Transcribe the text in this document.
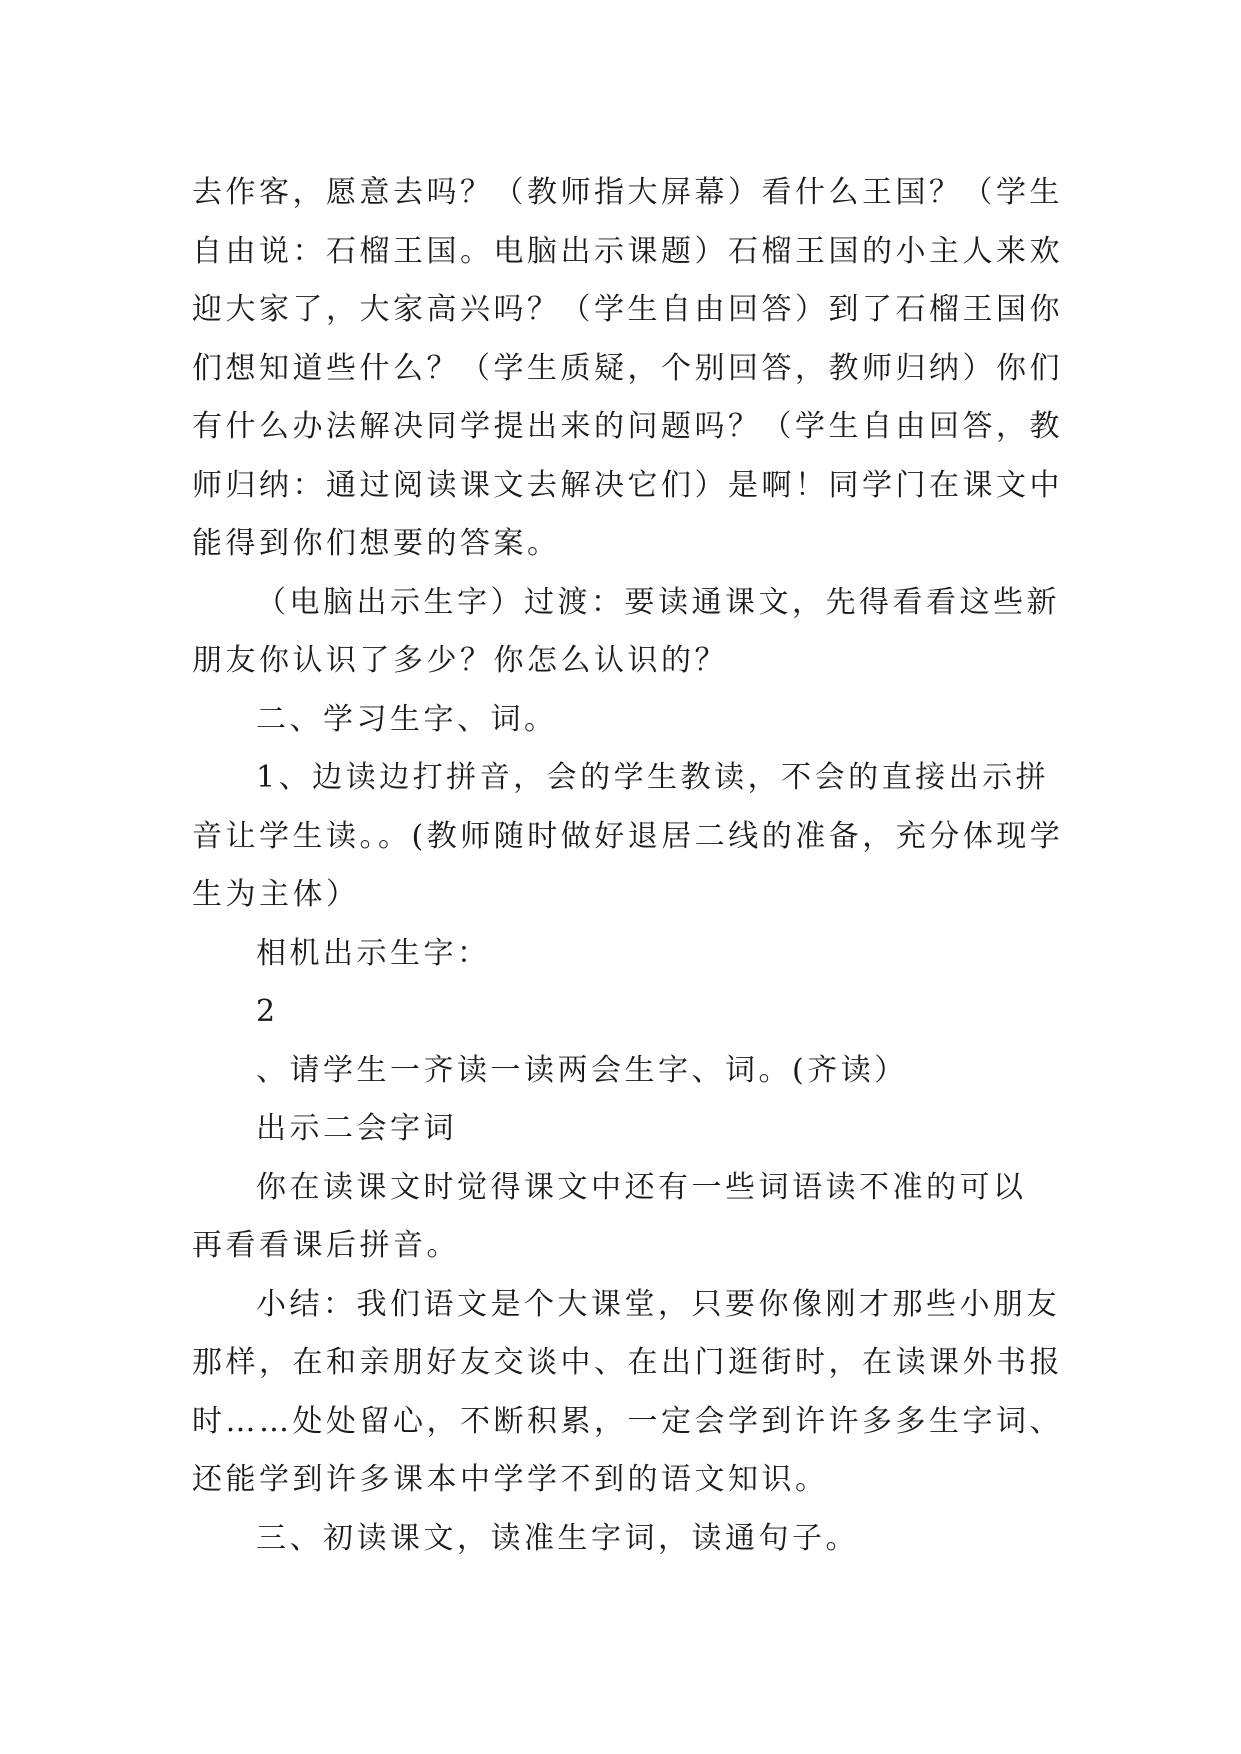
去作客，愿意去吗？（教师指大屏幕）看什么王国？（学生
自由说：石榴王国。电脑出示课题）石榴王国的小主人来欢
迎大家了，大家高兴吗？（学生自由回答）到了石榴王国你
们想知道些什么？（学生质疑，个别回答，教师归纳）你们
有什么办法解决同学提出来的问题吗？（学生自由回答，教
师归纳：通过阅读课文去解决它们）是啊！同学门在课文中
能得到你们想要的答案。
（电脑出示生字）过渡：要读通课文，先得看看这些新
朋友你认识了多少？你怎么认识的？
二、学习生字、词。
1、边读边打拼音，会的学生教读，不会的直接出示拼
音让学生读。。(教师随时做好退居二线的准备，充分体现学
生为主体）
相机出示生字：
2
、请学生一齐读一读两会生字、词。(齐读）
出示二会字词
你在读课文时觉得课文中还有一些词语读不准的可以
再看看课后拼音。
小结：我们语文是个大课堂，只要你像刚才那些小朋友
那样，在和亲朋好友交谈中、在出门逛街时，在读课外书报
时……处处留心，不断积累，一定会学到许许多多生字词、
还能学到许多课本中学学不到的语文知识。
三、初读课文，读准生字词，读通句子。
